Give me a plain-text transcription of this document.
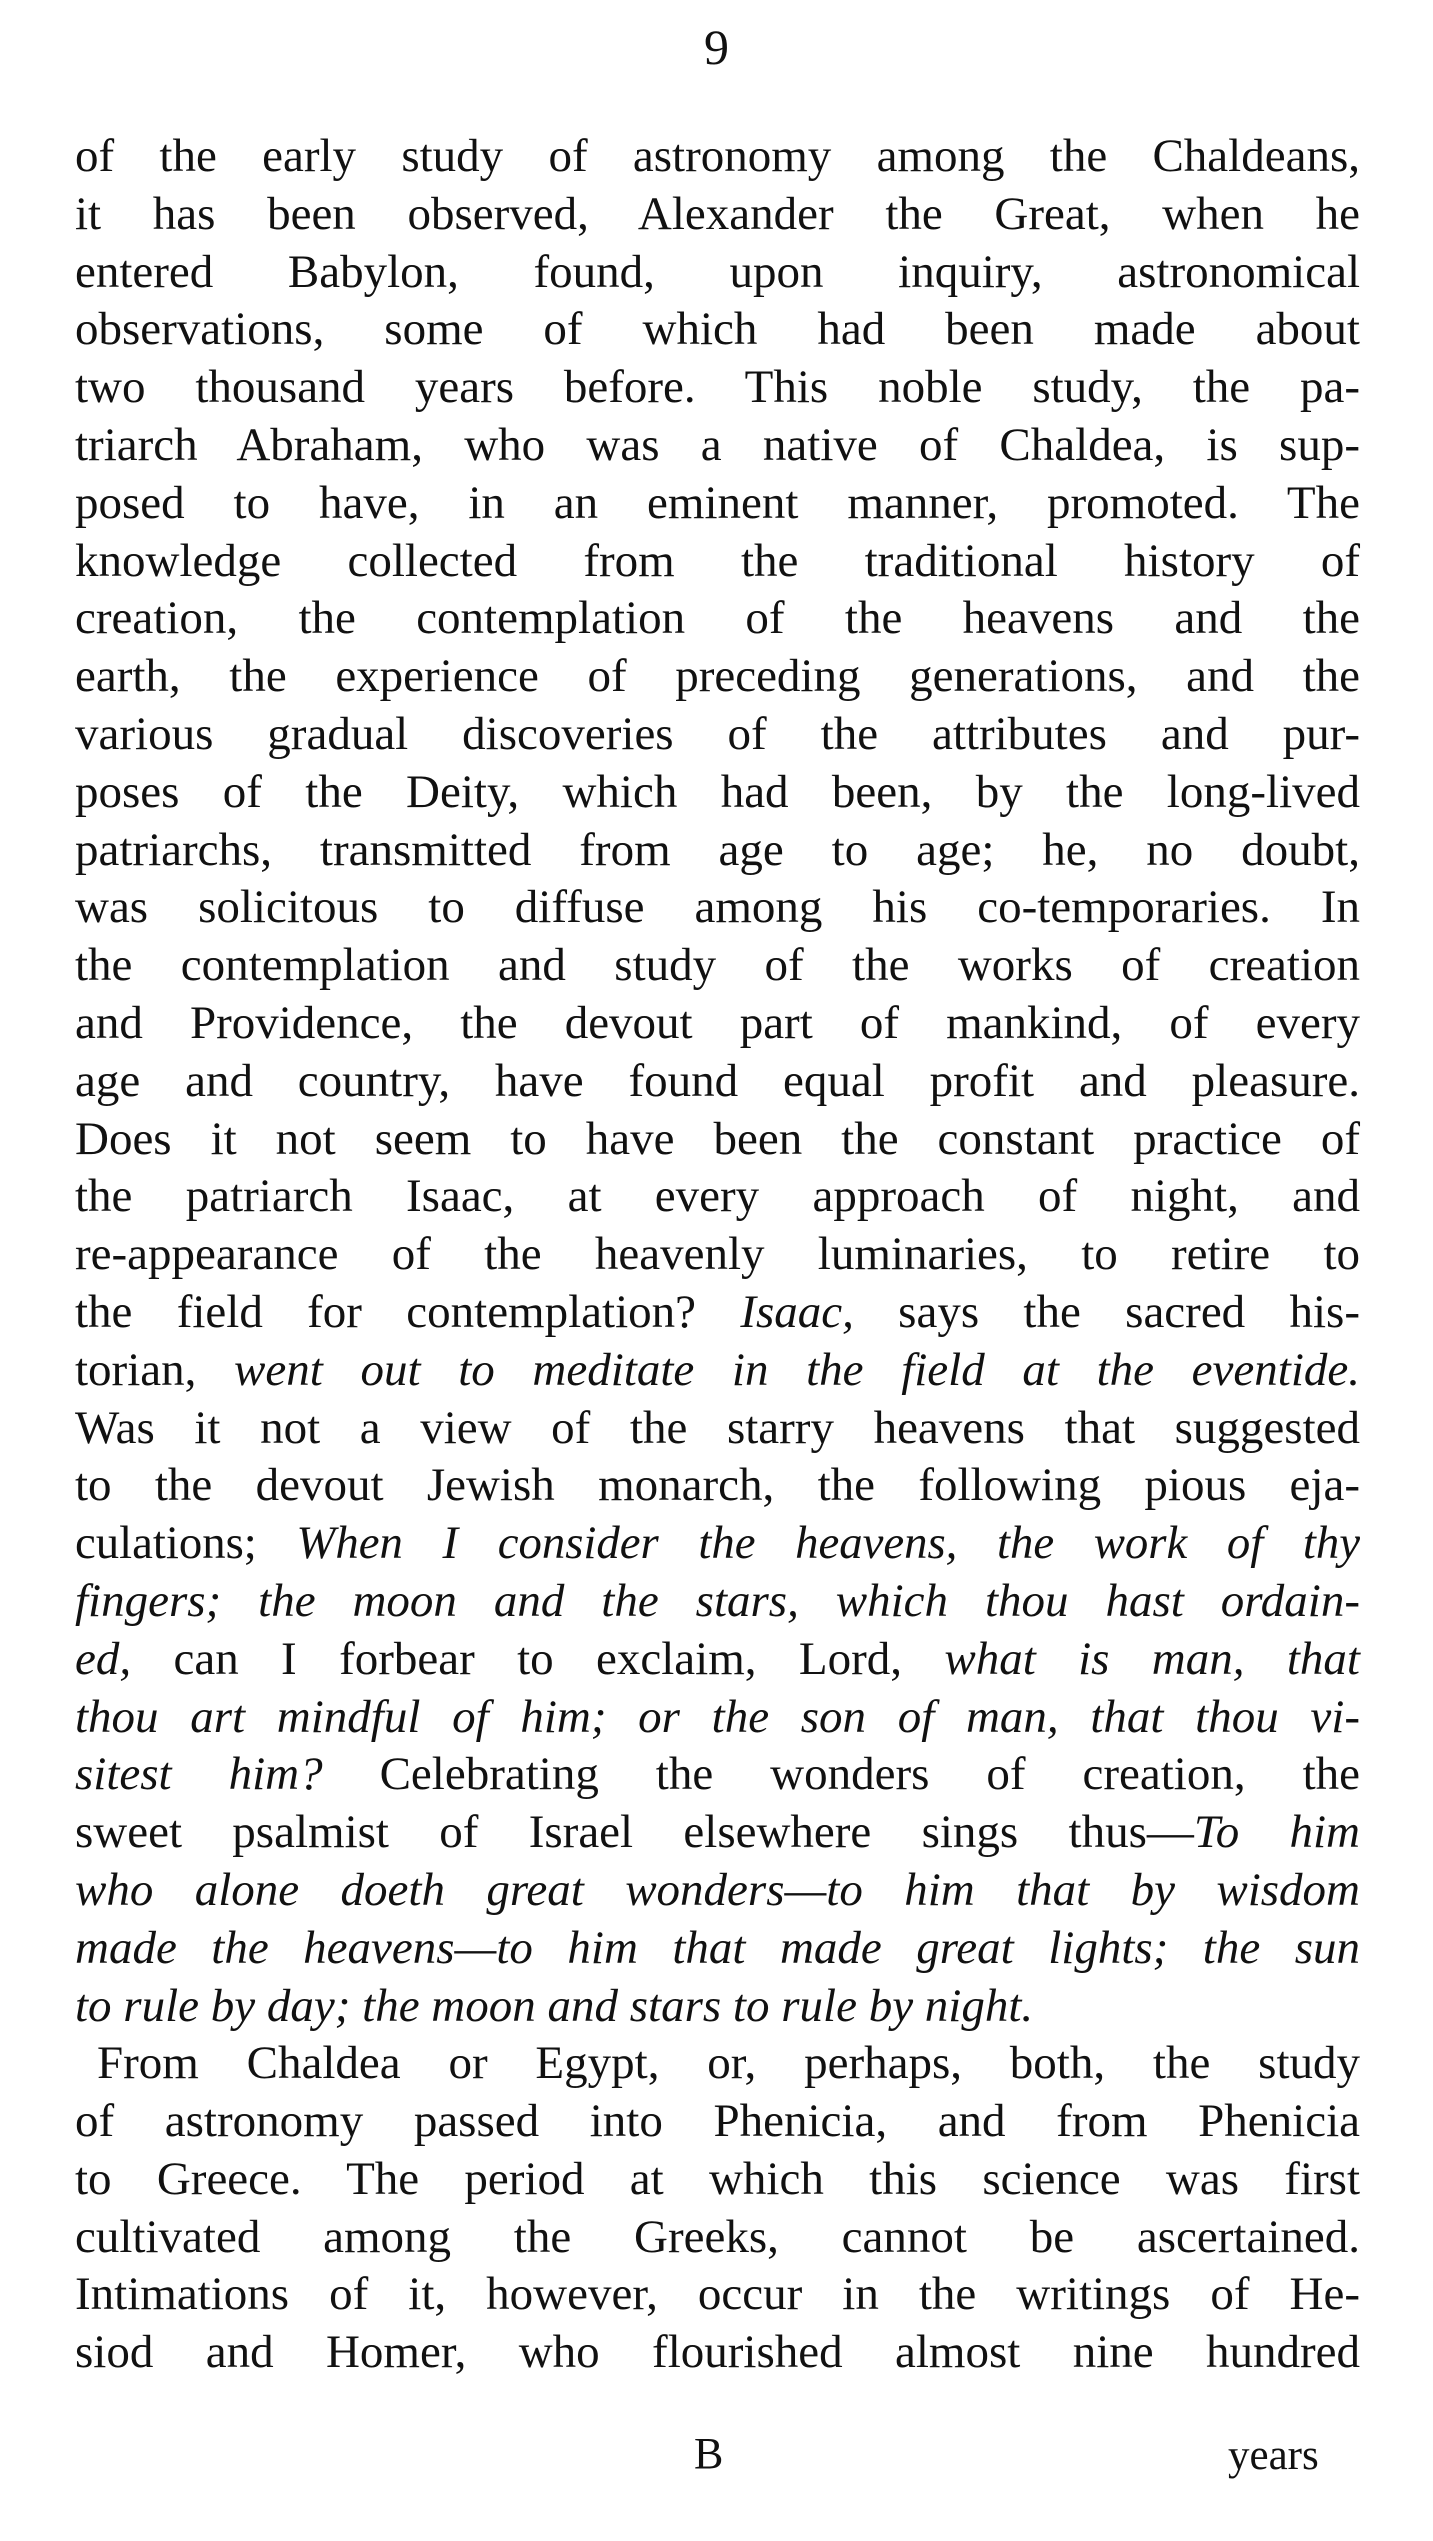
9
of the early study of astronomy among the Chaldeans,
it has been observed, Alexander the Great, when he
entered Babylon, found, upon inquiry, astronomical
observations, some of which had been made about
two thousand years before. This noble study, the pa-
triarch Abraham, who was a native of Chaldea, is sup-
posed to have, in an eminent manner, promoted. The
knowledge collected from the traditional history of
creation, the contemplation of the heavens and the
earth, the experience of preceding generations, and the
various gradual discoveries of the attributes and pur-
poses of the Deity, which had been, by the long-lived
patriarchs, transmitted from age to age; he, no doubt,
was solicitous to diffuse among his co-temporaries. In
the contemplation and study of the works of creation
and Providence, the devout part of mankind, of every
age and country, have found equal profit and pleasure.
Does it not seem to have been the constant practice of
the patriarch Isaac, at every approach of night, and
re-appearance of the heavenly luminaries, to retire to
the field for contemplation? Isaac, says the sacred his-
torian, went out to meditate in the field at the eventide.
Was it not a view of the starry heavens that suggested
to the devout Jewish monarch, the following pious eja-
culations; When I consider the heavens, the work of thy
fingers; the moon and the stars, which thou hast ordain-
ed, can I forbear to exclaim, Lord, what is man, that
thou art mindful of him; or the son of man, that thou vi-
sitest him? Celebrating the wonders of creation, the
sweet psalmist of Israel elsewhere sings thus—To him
who alone doeth great wonders—to him that by wisdom
made the heavens—to him that made great lights; the sun
to rule by day; the moon and stars to rule by night.
From Chaldea or Egypt, or, perhaps, both, the study
of astronomy passed into Phenicia, and from Phenicia
to Greece. The period at which this science was first
cultivated among the Greeks, cannot be ascertained.
Intimations of it, however, occur in the writings of He-
siod and Homer, who flourished almost nine hundred
B	years
